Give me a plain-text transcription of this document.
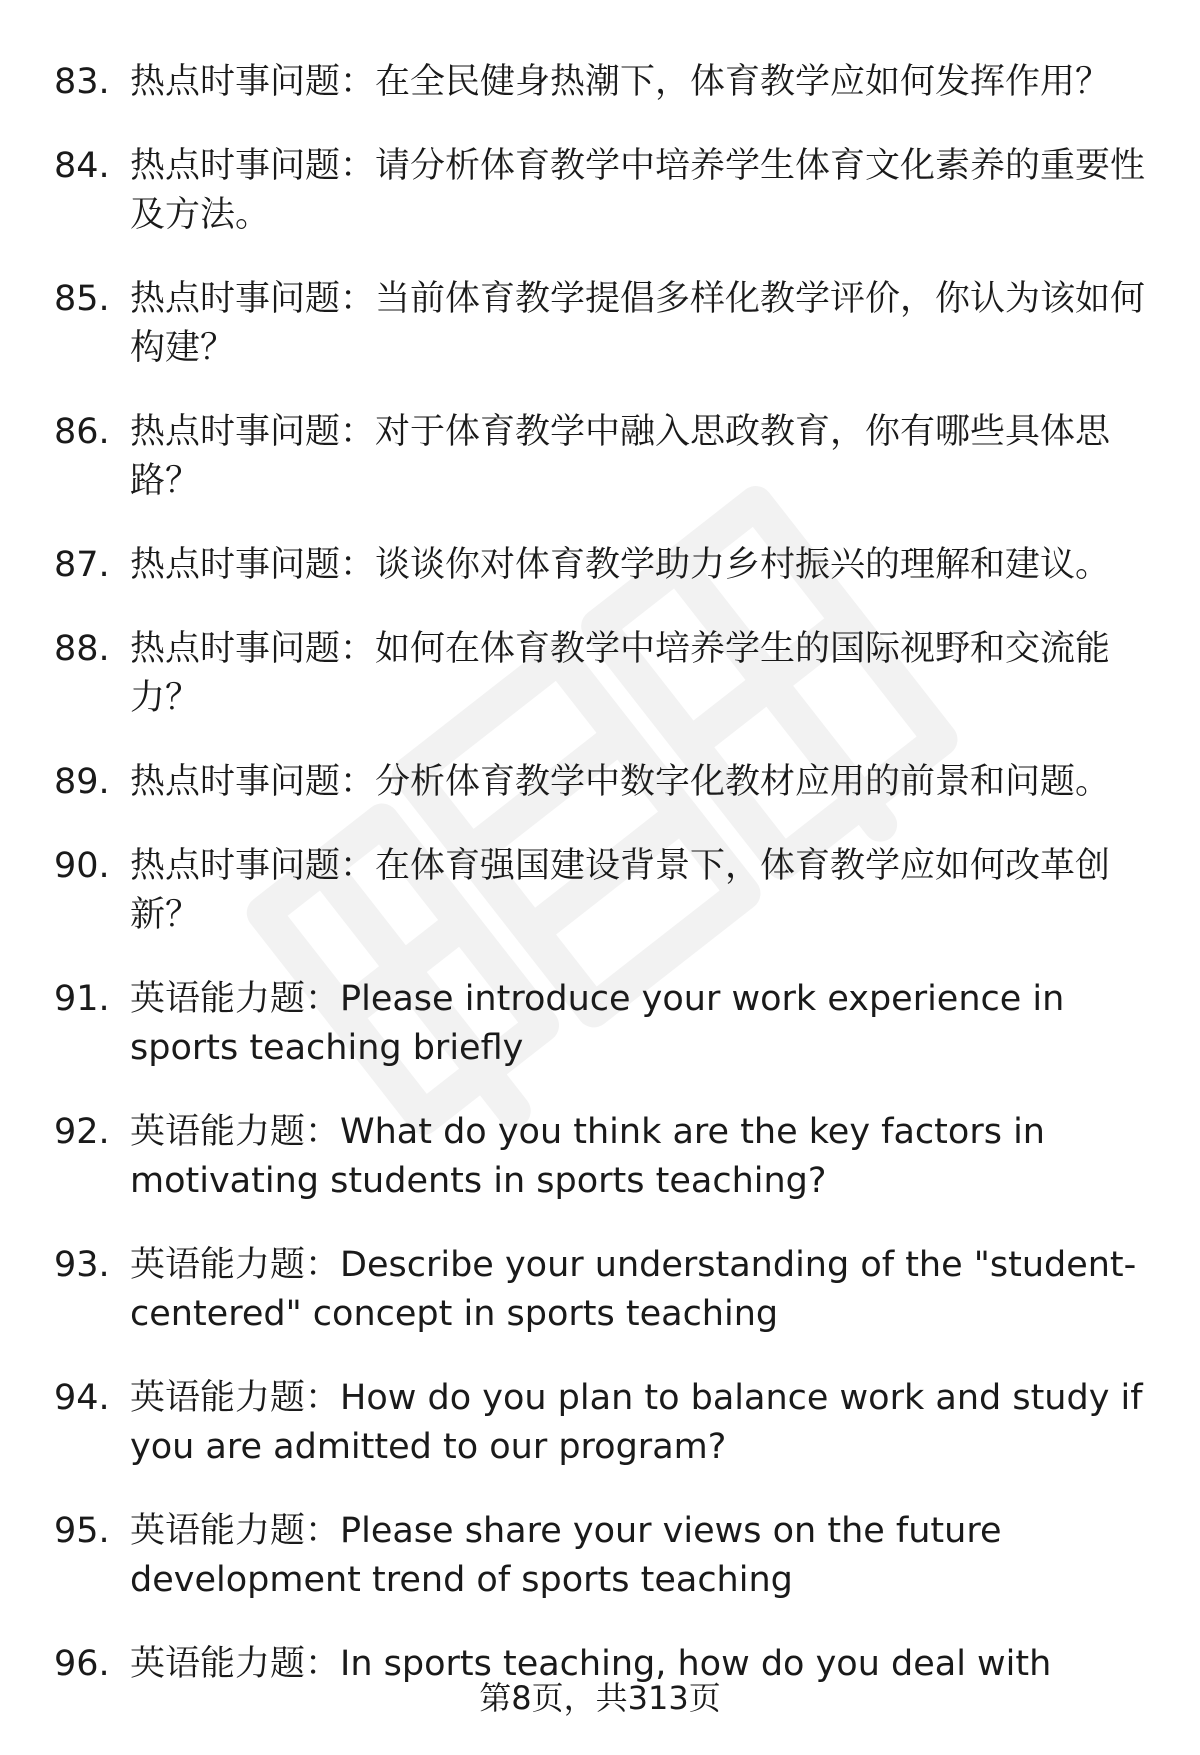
83. 热点时事问题：在全民健身热潮下，体育教学应如何发挥作用？
84. 热点时事问题：请分析体育教学中培养学生体育文化素养的重要性及方法。
85. 热点时事问题：当前体育教学提倡多样化教学评价，你认为该如何构建？
86. 热点时事问题：对于体育教学中融入思政教育，你有哪些具体思路？
87. 热点时事问题：谈谈你对体育教学助力乡村振兴的理解和建议。
88. 热点时事问题：如何在体育教学中培养学生的国际视野和交流能力？
89. 热点时事问题：分析体育教学中数字化教材应用的前景和问题。
90. 热点时事问题：在体育强国建设背景下，体育教学应如何改革创新？
91. 英语能力题：Please introduce your work experience in sports teaching briefly
92. 英语能力题：What do you think are the key factors in motivating students in sports teaching?
93. 英语能力题：Describe your understanding of the "student-centered" concept in sports teaching
94. 英语能力题：How do you plan to balance work and study if you are admitted to our program?
95. 英语能力题：Please share your views on the future development trend of sports teaching
96. 英语能力题：In sports teaching, how do you deal with
第8页，共313页
